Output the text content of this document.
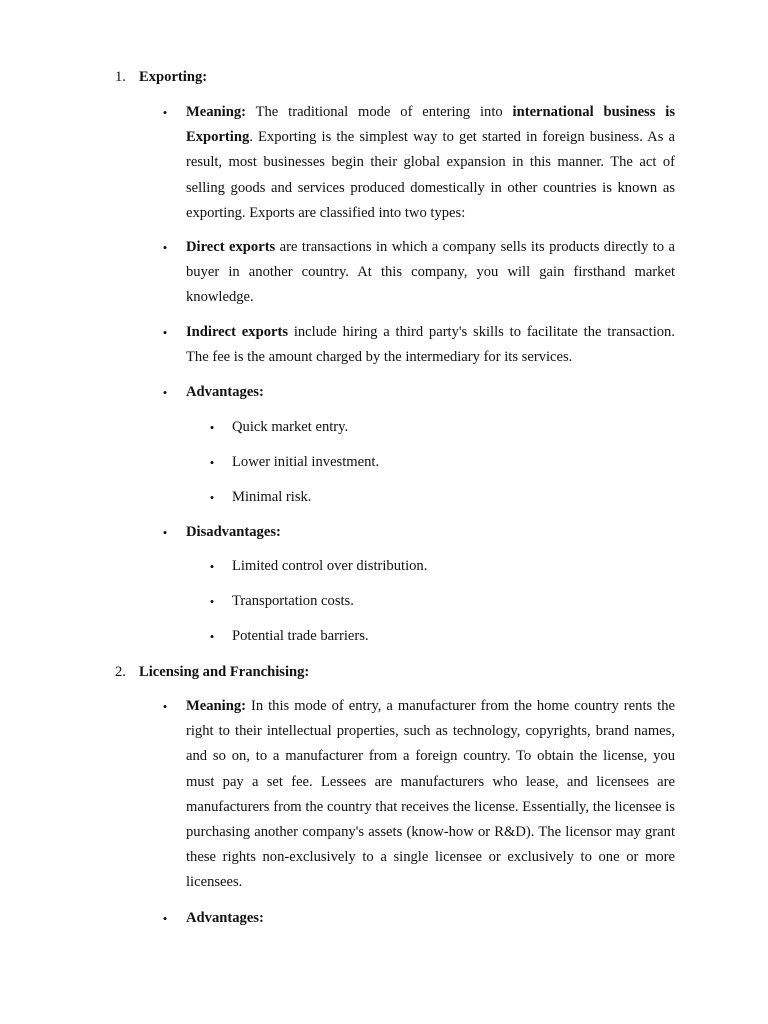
1. Exporting:
• Meaning: The traditional mode of entering into international business is Exporting. Exporting is the simplest way to get started in foreign business. As a result, most businesses begin their global expansion in this manner. The act of selling goods and services produced domestically in other countries is known as exporting. Exports are classified into two types:
• Direct exports are transactions in which a company sells its products directly to a buyer in another country. At this company, you will gain firsthand market knowledge.
• Indirect exports include hiring a third party's skills to facilitate the transaction. The fee is the amount charged by the intermediary for its services.
• Advantages:
• Quick market entry.
• Lower initial investment.
• Minimal risk.
• Disadvantages:
• Limited control over distribution.
• Transportation costs.
• Potential trade barriers.
2. Licensing and Franchising:
• Meaning: In this mode of entry, a manufacturer from the home country rents the right to their intellectual properties, such as technology, copyrights, brand names, and so on, to a manufacturer from a foreign country. To obtain the license, you must pay a set fee. Lessees are manufacturers who lease, and licensees are manufacturers from the country that receives the license. Essentially, the licensee is purchasing another company's assets (know-how or R&D). The licensor may grant these rights non-exclusively to a single licensee or exclusively to one or more licensees.
• Advantages:
